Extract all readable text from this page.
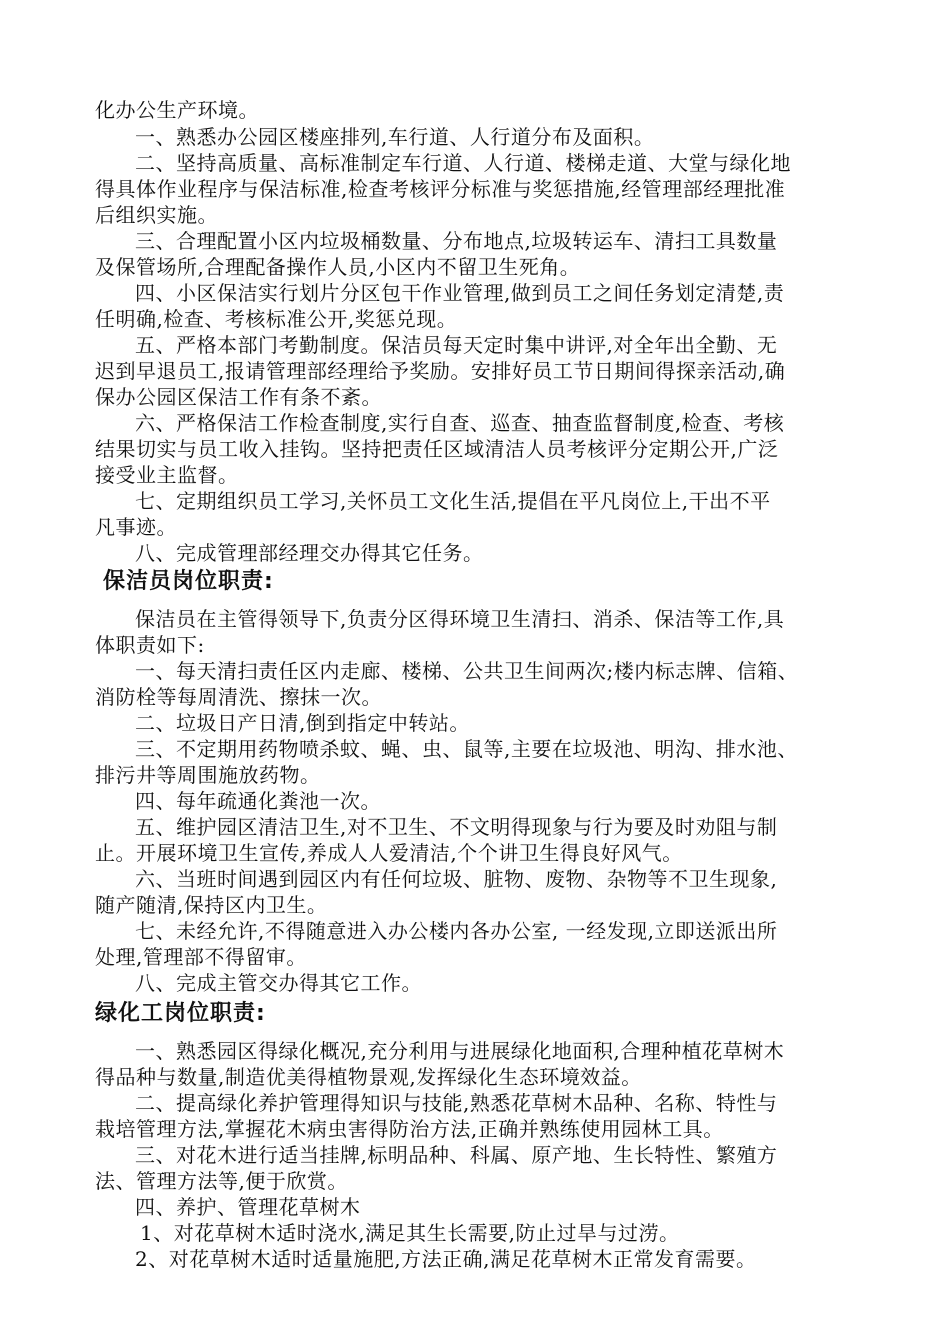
化办公生产环境。
一、熟悉办公园区楼座排列,车行道、人行道分布及面积。
二、坚持高质量、高标准制定车行道、人行道、楼梯走道、大堂与绿化地
得具体作业程序与保洁标准,检查考核评分标准与奖惩措施,经管理部经理批准
后组织实施。
三、合理配置小区内垃圾桶数量、分布地点,垃圾转运车、清扫工具数量
及保管场所,合理配备操作人员,小区内不留卫生死角。
四、小区保洁实行划片分区包干作业管理,做到员工之间任务划定清楚,责
任明确,检查、考核标准公开,奖惩兑现。
五、严格本部门考勤制度。保洁员每天定时集中讲评,对全年出全勤、无
迟到早退员工,报请管理部经理给予奖励。安排好员工节日期间得探亲活动,确
保办公园区保洁工作有条不紊。
六、严格保洁工作检查制度,实行自查、巡查、抽查监督制度,检查、考核
结果切实与员工收入挂钩。坚持把责任区域清洁人员考核评分定期公开,广泛
接受业主监督。
七、定期组织员工学习,关怀员工文化生活,提倡在平凡岗位上,干出不平
凡事迹。
八、完成管理部经理交办得其它任务。
保洁员岗位职责:
保洁员在主管得领导下,负责分区得环境卫生清扫、消杀、保洁等工作,具
体职责如下:
一、每天清扫责任区内走廊、楼梯、公共卫生间两次;楼内标志牌、信箱、
消防栓等每周清洗、擦抹一次。
二、垃圾日产日清,倒到指定中转站。
三、不定期用药物喷杀蚊、蝇、虫、鼠等,主要在垃圾池、明沟、排水池、
排污井等周围施放药物。
四、每年疏通化粪池一次。
五、维护园区清洁卫生,对不卫生、不文明得现象与行为要及时劝阻与制
止。开展环境卫生宣传,养成人人爱清洁,个个讲卫生得良好风气。
六、当班时间遇到园区内有任何垃圾、脏物、废物、杂物等不卫生现象,
随产随清,保持区内卫生。
七、未经允许,不得随意进入办公楼内各办公室, 一经发现,立即送派出所
处理,管理部不得留审。
八、完成主管交办得其它工作。
绿化工岗位职责:
一、熟悉园区得绿化概况,充分利用与进展绿化地面积,合理种植花草树木
得品种与数量,制造优美得植物景观,发挥绿化生态环境效益。
二、提高绿化养护管理得知识与技能,熟悉花草树木品种、名称、特性与
栽培管理方法,掌握花木病虫害得防治方法,正确并熟练使用园林工具。
三、对花木进行适当挂牌,标明品种、科属、原产地、生长特性、繁殖方
法、管理方法等,便于欣赏。
四、养护、管理花草树木
1、对花草树木适时浇水,满足其生长需要,防止过旱与过涝。
2、对花草树木适时适量施肥,方法正确,满足花草树木正常发育需要。
